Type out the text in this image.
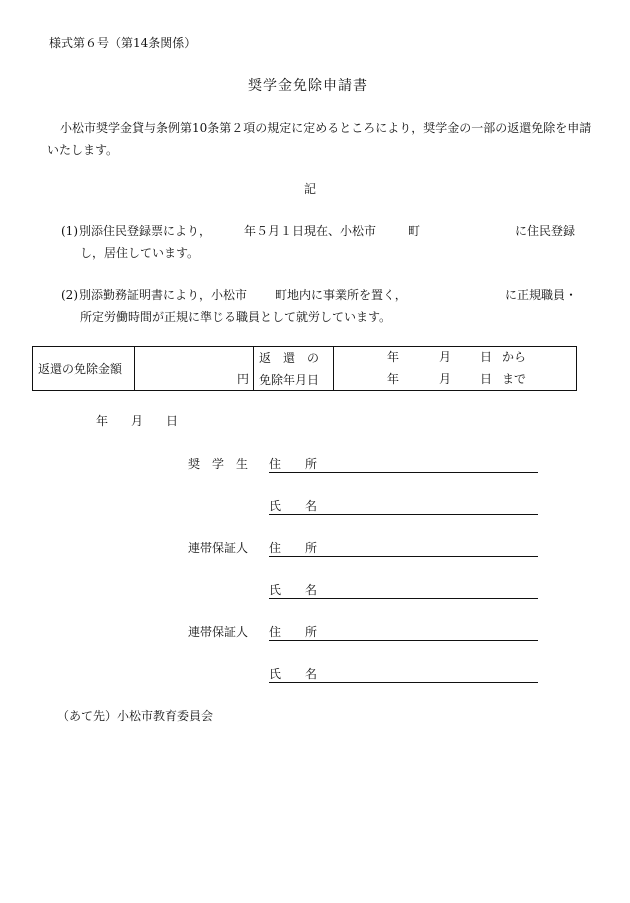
様式第６号（第14条関係）
奨学金免除申請書
小松市奨学金貸与条例第10条第２項の規定に定めるところにより，奨学金の一部の返還免除を申請
いたします。
記
(1) 別添住民登録票により，	年５月１日現在、小松市	町	に住民登録
し，居住しています。
(2) 別添勤務証明書により，小松市 町地内に事業所を置く，	に正規職員・
所定労働時間が正規に準じる職員として就労しています。
返還の免除金額	円	返　還　の	年 月 日 から

		免除年月日	年 月 日 まで
年 月 日
奨　学　生 住　　所
氏　　名
連帯保証人 住　　所
氏　　名
連帯保証人 住　　所
氏　　名
（あて先）小松市教育委員会
